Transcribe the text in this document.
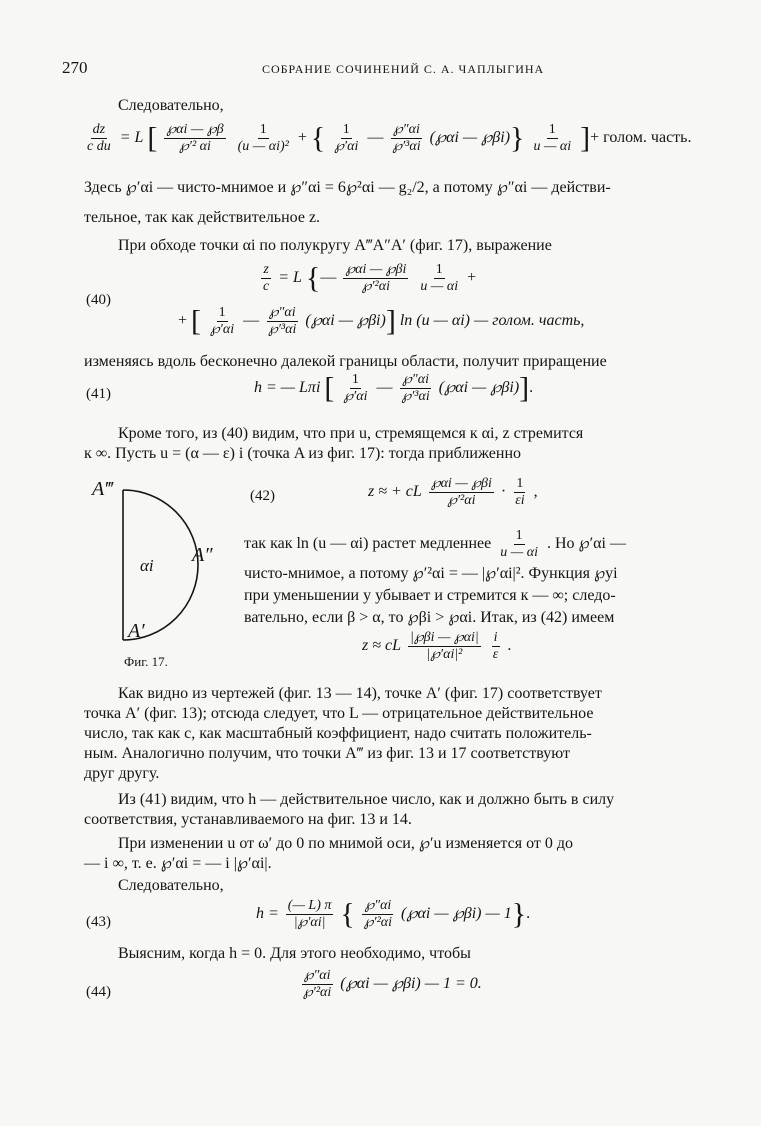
270	СОБРАНИЕ СОЧИНЕНИЙ С. А. ЧАПЛЫГИНА
Следовательно,
$\frac{dz}{\text{c du}} = L$ [ $\frac{℘\alpha i — ℘\beta}{\text{℘′² αi}}$
$\frac{1}{\text{(u — αi)²}}$ + { $\frac{1}{℘'\alpha i}$ — $\frac{℘''\alpha i}{\text{℘′³αi}}$ (℘αi — ℘βi)} $\frac{1}{u — \alpha i}$ ]+ голом. часть.
Здесь ℘′αi — чисто-мнимое и ℘″αi = 6℘²αi — g₂/2, а потому ℘″αi — действи-
тельное, так как действительное z.
При обходе точки αi по полукругу A‴A″A′ (фиг. 17), выражение
$\frac{z}{c} = L$ {— $\frac{℘\alpha i — ℘\beta i}{\text{℘′²αi}}$
$\frac{1}{u — \alpha i}$ +
(40)
+ [ $\frac{1}{℘'\alpha i}$ — $\frac{℘''\alpha i}{\text{℘′³αi}}$ (℘αi — ℘βi)] ln (u — αi) — голом. часть,
изменяясь вдоль бесконечно далекой границы области, получит приращение
(41)	h = — Lπi [ $\frac{1}{℘'\alpha i}$ — $\frac{℘''\alpha i}{\text{℘′³αi}}$ (℘αi — ℘βi)].
Кроме того, из (40) видим, что при u, стремящемся к αi, z стремится
к ∞. Пусть u = (α — ε) i (точка A из фиг. 17): тогда приближенно
A‴
A″
αi
A′
Фиг. 17.
(42)	z ≈ + cL $\frac{℘\alpha i — ℘\beta i}{\text{℘′²αi}} \cdot \frac{1}{\varepsilon i}$ ,
так как ln (u — αi) растет медленнее $\frac{1}{u — \alpha i}$ . Но ℘′αi —
чисто-мнимое, а потому ℘′²αi = — |℘′αi|². Функция ℘yi
при уменьшении y убывает и стремится к — ∞; следо-
вательно, если β > α, то ℘βi > ℘αi. Итак, из (42) имеем
z ≈ cL $\frac{|℘\beta i — ℘\alpha i|}{\text{|℘′αi|²}}$
$\frac{i}{\varepsilon}$ .
Как видно из чертежей (фиг. 13 — 14), точке A′ (фиг. 17) соответствует
точка A′ (фиг. 13); отсюда следует, что L — отрицательное действительное
число, так как c, как масштабный коэффициент, надо считать положитель-
ным. Аналогично получим, что точки A‴ из фиг. 13 и 17 соответствуют
друг другу.
Из (41) видим, что h — действительное число, как и должно быть в силу
соответствия, устанавливаемого на фиг. 13 и 14.
При изменении u от ω′ до 0 по мнимой оси, ℘′u изменяется от 0 до
— i ∞, т. е. ℘′αi = — i |℘′αi|.
Следовательно,
(43)	$h = \frac{(— L) \pi}{|℘'\alpha i|}$ { $\frac{℘''\alpha i}{\text{℘′²αi}}$ (℘αi — ℘βi) — 1}.
Выясним, когда h = 0. Для этого необходимо, чтобы
(44)	$\frac{℘''\alpha i}{\text{℘′²αi}}$ (℘αi — ℘βi) — 1 = 0.
